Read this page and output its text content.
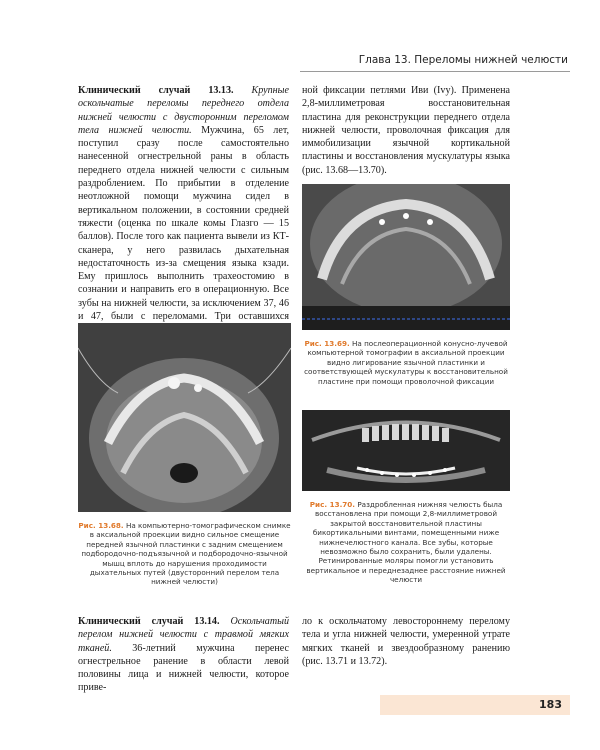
Глава 13. Переломы нижней челюсти

Клинический случай 13.13. Крупные оскольчатые переломы переднего отдела нижней челюсти с двусторонним переломом тела нижней челюсти. Мужчина, 65 лет, поступил сразу после самостоятельно нанесенной огнестрельной раны в область переднего отдела нижней челюсти с сильным раздроблением. По прибытии в отделение неотложной помощи мужчина сидел в вертикальном положении, в состоянии средней тяжести (оценка по шкале комы Глазго — 15 баллов). После того как пациента вывели из КТ-сканера, у него развилась дыхательная недостаточность из-за смещения языка кзади. Ему пришлось выполнить трахеостомию в сознании и направить его в операционную. Все зубы на нижней челюсти, за исключением 37, 46 и 47, были с переломами. Три оставшихся

ной фиксации петлями Иви (Ivy). Применена 2,8-миллиметровая восстановительная пластина для реконструкции переднего отдела нижней челюсти, проволочная фиксация для иммобилизации язычной кортикальной пластины и восстановления мускулатуры языка (рис. 13.68—13.70).

Рис. 13.68. На компьютерно-томографическом снимке в аксиальной проекции видно сильное смещение передней язычной пластинки с задним смещением подбородочно-подъязычной и подбородочно-язычной мышц вплоть до нарушения проходимости дыхательных путей (двусторонний перелом тела нижней челюсти)
Рис. 13.69. На послеоперационной конусно-лучевой компьютерной томографии в аксиальной проекции видно лигирование язычной пластинки и соответствующей мускулатуры к восстановительной пластине при помощи проволочной фиксации
Рис. 13.70. Раздробленная нижняя челюсть была восстановлена при помощи 2,8-миллиметровой закрытой восстановительной пластины бикортикальными винтами, помещенными ниже нижнечелюстного канала. Все зубы, которые невозможно было сохранить, были удалены. Ретинированные моляры помогли установить вертикальное и переднезаднее расстояние нижней челюсти

Клинический случай 13.14. Оскольчатый перелом нижней челюсти с травмой мягких тканей. 36-летний мужчина перенес огнестрельное ранение в области левой половины лица и нижней челюсти, которое приве-

ло к оскольчатому левостороннему перелому тела и угла нижней челюсти, умеренной утрате мягких тканей и звездообразному ранению (рис. 13.71 и 13.72).

183
